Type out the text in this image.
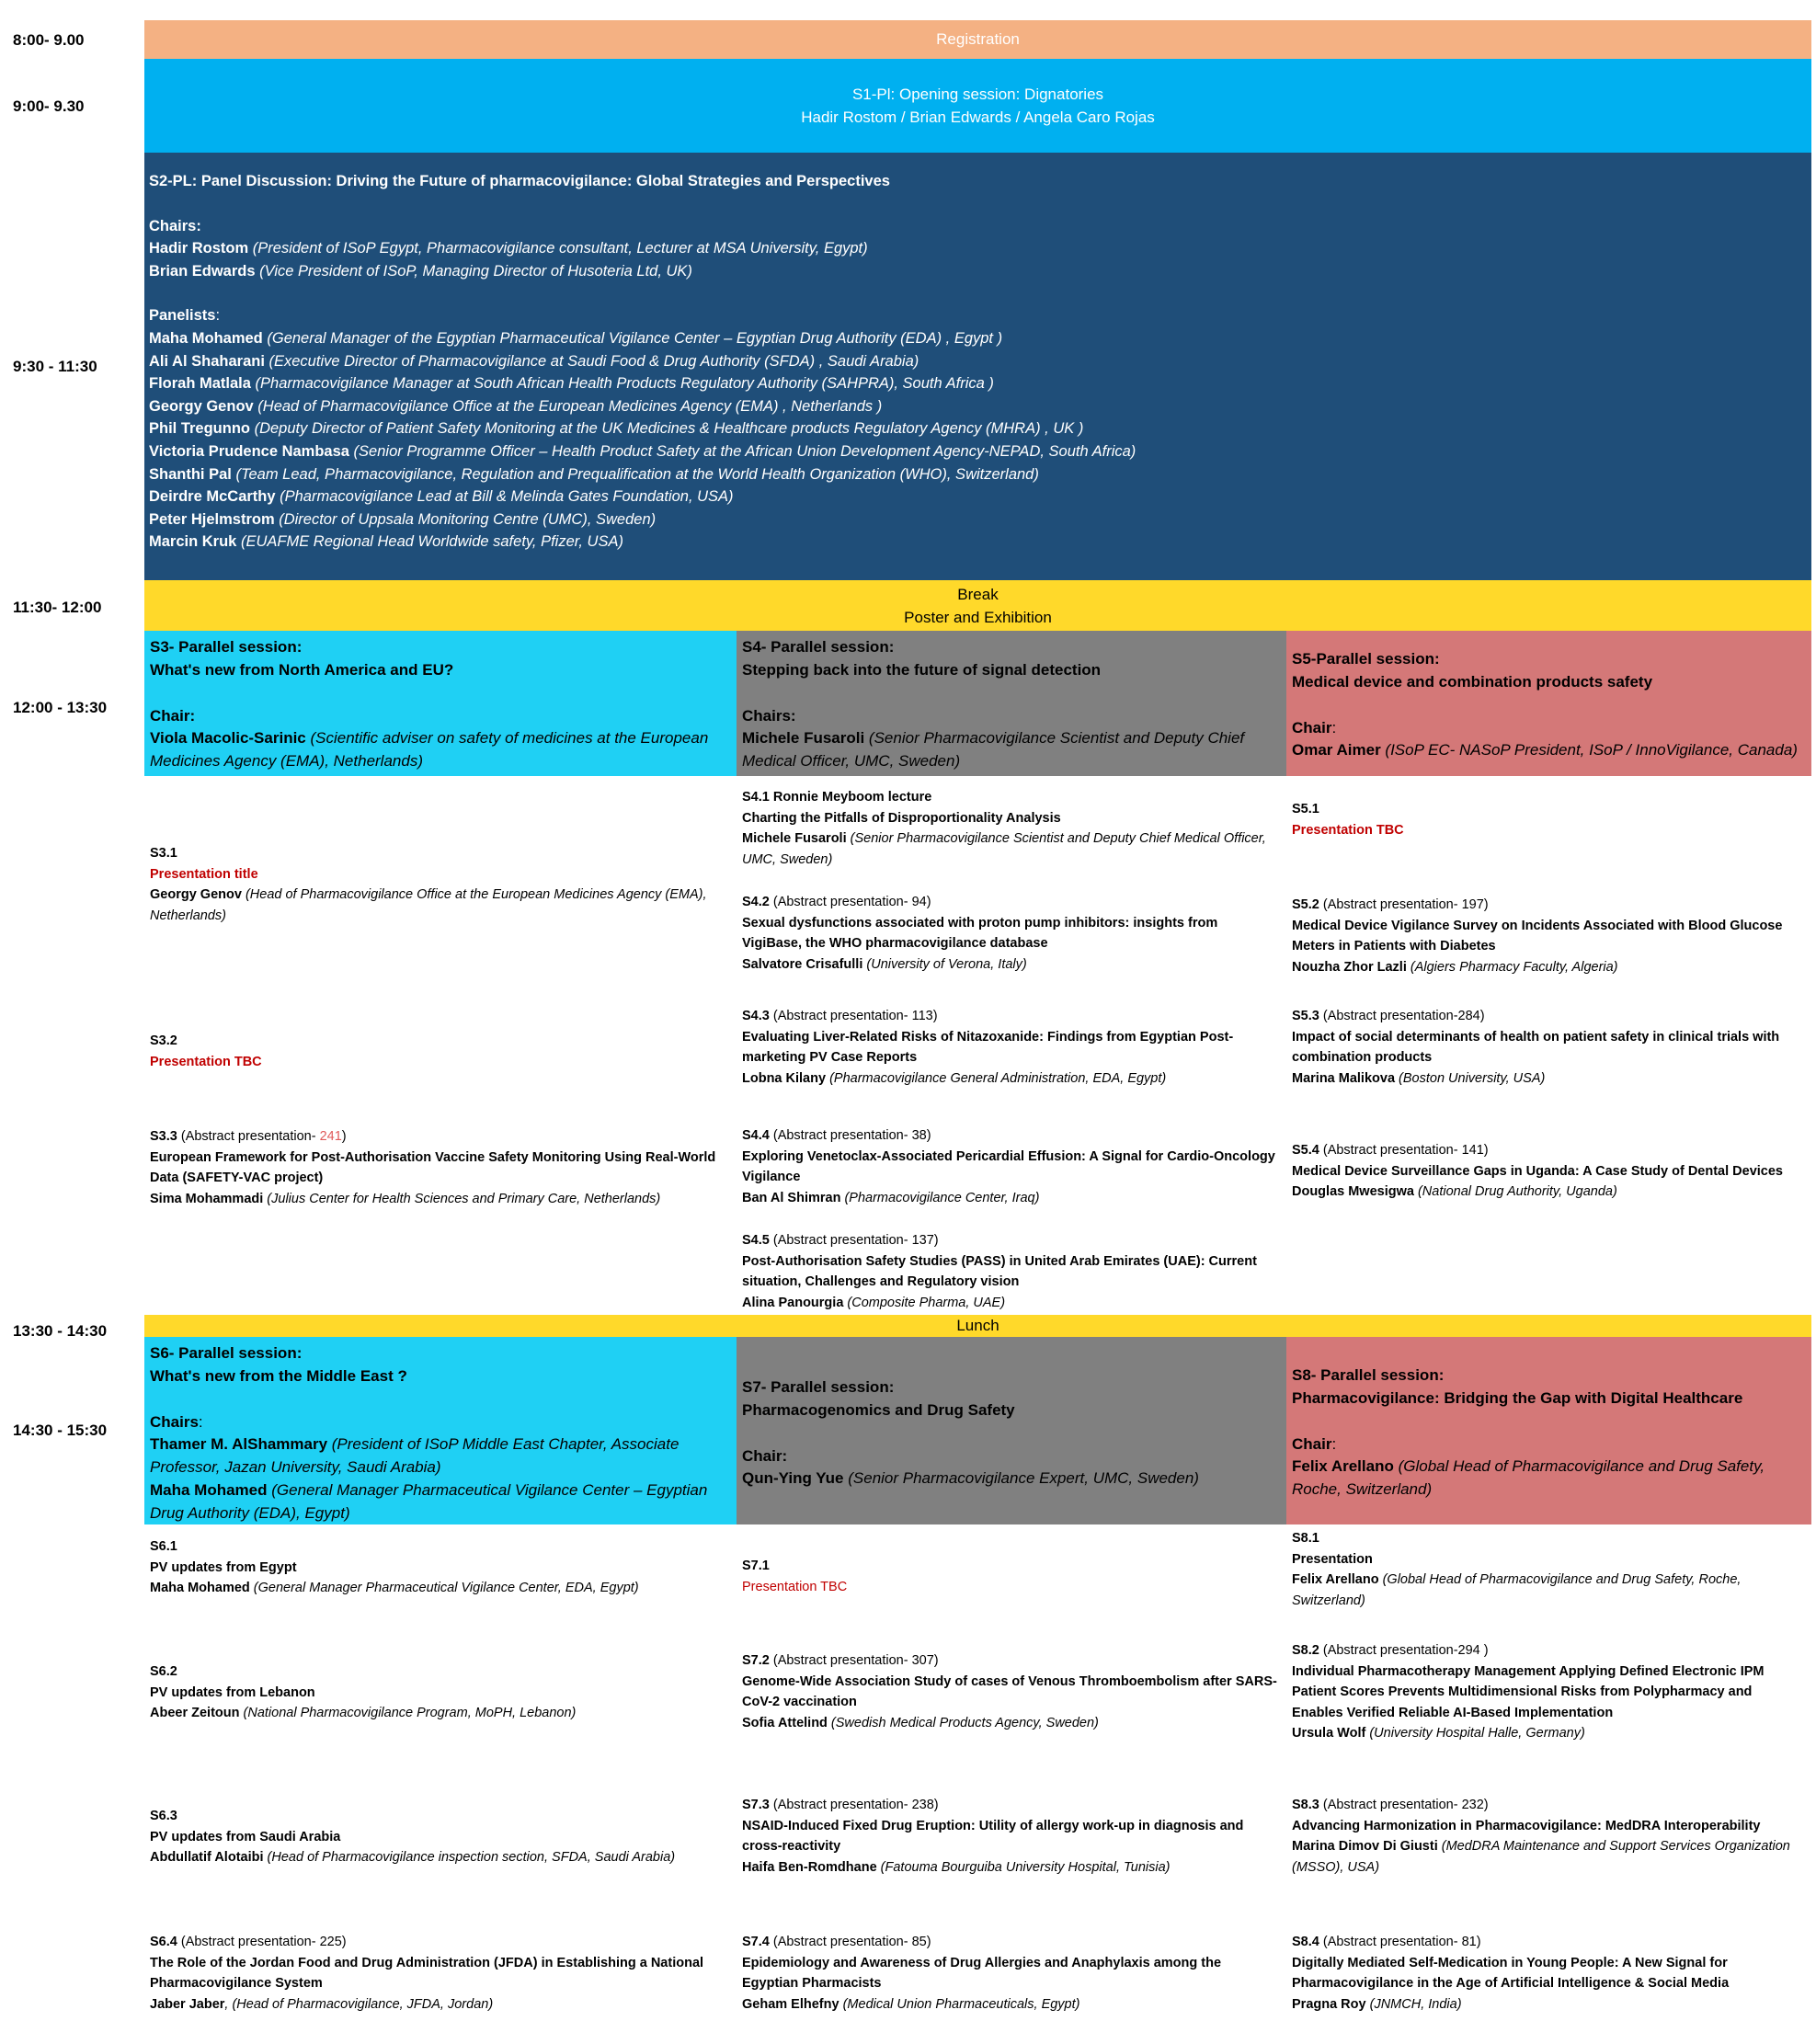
8:00- 9.00
9:00- 9.30
9:30 - 11:30
11:30- 12:00
12:00 - 13:30
13:30 - 14:30
14:30 - 15:30
Registration
S1-Pl: Opening session: Dignatories
Hadir Rostom / Brian Edwards / Angela Caro Rojas
S2-PL: Panel Discussion: Driving the Future of pharmacovigilance: Global Strategies and Perspectives
Chairs:
Hadir Rostom (President of ISoP Egypt, Pharmacovigilance consultant, Lecturer at MSA University, Egypt)
Brian Edwards (Vice President of ISoP, Managing Director of Husoteria Ltd, UK)
Panelists:
Maha Mohamed (General Manager of the Egyptian Pharmaceutical Vigilance Center – Egyptian Drug Authority (EDA) , Egypt )
Ali Al Shaharani (Executive Director of Pharmacovigilance at Saudi Food & Drug Authority (SFDA) , Saudi Arabia)
Florah Matlala (Pharmacovigilance Manager at South African Health Products Regulatory Authority (SAHPRA), South Africa )
Georgy Genov (Head of Pharmacovigilance Office at the European Medicines Agency (EMA) , Netherlands )
Phil Tregunno (Deputy Director of Patient Safety Monitoring at the UK Medicines & Healthcare products Regulatory Agency (MHRA) , UK )
Victoria Prudence Nambasa (Senior Programme Officer – Health Product Safety at the African Union Development Agency-NEPAD, South Africa)
Shanthi Pal (Team Lead, Pharmacovigilance, Regulation and Prequalification at the World Health Organization (WHO), Switzerland)
Deirdre McCarthy (Pharmacovigilance Lead at Bill & Melinda Gates Foundation, USA)
Peter Hjelmstrom (Director of Uppsala Monitoring Centre (UMC), Sweden)
Marcin Kruk (EUAFME Regional Head Worldwide safety, Pfizer, USA)
Break
Poster and Exhibition
S3- Parallel session:
What's new from North America and EU?
Chair:
Viola Macolic-Sarinic (Scientific adviser on safety of medicines at the European Medicines Agency (EMA), Netherlands)
S4- Parallel session:
Stepping back into the future of signal detection
Chairs:
Michele Fusaroli (Senior Pharmacovigilance Scientist and Deputy Chief Medical Officer, UMC, Sweden)
S5-Parallel session:
Medical device and combination products safety
Chair:
Omar Aimer (ISoP EC- NASoP President, ISoP / InnoVigilance, Canada)
S3.1
Presentation title
Georgy Genov (Head of Pharmacovigilance Office at the European Medicines Agency (EMA), Netherlands)
S3.2
Presentation TBC
S3.3 (Abstract presentation- 241)
European Framework for Post-Authorisation Vaccine Safety Monitoring Using Real-World Data (SAFETY-VAC project)
Sima Mohammadi (Julius Center for Health Sciences and Primary Care, Netherlands)
S4.1 Ronnie Meyboom lecture
Charting the Pitfalls of Disproportionality Analysis
Michele Fusaroli (Senior Pharmacovigilance Scientist and Deputy Chief Medical Officer, UMC, Sweden)
S4.2 (Abstract presentation- 94)
Sexual dysfunctions associated with proton pump inhibitors: insights from VigiBase, the WHO pharmacovigilance database
Salvatore Crisafulli (University of Verona, Italy)
S4.3 (Abstract presentation- 113)
Evaluating Liver-Related Risks of Nitazoxanide: Findings from Egyptian Post-marketing PV Case Reports
Lobna Kilany (Pharmacovigilance General Administration, EDA, Egypt)
S4.4 (Abstract presentation- 38)
Exploring Venetoclax-Associated Pericardial Effusion: A Signal for Cardio-Oncology Vigilance
Ban Al Shimran (Pharmacovigilance Center, Iraq)
S4.5 (Abstract presentation- 137)
Post-Authorisation Safety Studies (PASS) in United Arab Emirates (UAE): Current situation, Challenges and Regulatory vision
Alina Panourgia (Composite Pharma, UAE)
S5.1
Presentation TBC
S5.2 (Abstract presentation- 197)
Medical Device Vigilance Survey on Incidents Associated with Blood Glucose Meters in Patients with Diabetes
Nouzha Zhor Lazli (Algiers Pharmacy Faculty, Algeria)
S5.3 (Abstract presentation-284)
Impact of social determinants of health on patient safety in clinical trials with combination products
Marina Malikova (Boston University, USA)
S5.4 (Abstract presentation- 141)
Medical Device Surveillance Gaps in Uganda: A Case Study of Dental Devices
Douglas Mwesigwa (National Drug Authority, Uganda)
Lunch
S6- Parallel session:
What's new from the Middle East ?
Chairs:
Thamer M. AlShammary (President of ISoP Middle East Chapter, Associate Professor, Jazan University, Saudi Arabia)
Maha Mohamed (General Manager Pharmaceutical Vigilance Center – Egyptian Drug Authority (EDA), Egypt)
S7- Parallel session:
Pharmacogenomics and Drug Safety
Chair:
Qun-Ying Yue (Senior Pharmacovigilance Expert, UMC, Sweden)
S8- Parallel session:
Pharmacovigilance: Bridging the Gap with Digital Healthcare
Chair:
Felix Arellano (Global Head of Pharmacovigilance and Drug Safety, Roche, Switzerland)
S6.1
PV updates from Egypt
Maha Mohamed (General Manager Pharmaceutical Vigilance Center, EDA, Egypt)
S6.2
PV updates from Lebanon
Abeer Zeitoun (National Pharmacovigilance Program, MoPH, Lebanon)
S6.3
PV updates from Saudi Arabia
Abdullatif Alotaibi (Head of Pharmacovigilance inspection section, SFDA, Saudi Arabia)
S6.4 (Abstract presentation- 225)
The Role of the Jordan Food and Drug Administration (JFDA) in Establishing a National Pharmacovigilance System
Jaber Jaber, (Head of Pharmacovigilance, JFDA, Jordan)
S7.1
Presentation TBC
S7.2 (Abstract presentation- 307)
Genome-Wide Association Study of cases of Venous Thromboembolism after SARS-CoV-2 vaccination
Sofia Attelind (Swedish Medical Products Agency, Sweden)
S7.3 (Abstract presentation- 238)
NSAID-Induced Fixed Drug Eruption: Utility of allergy work-up in diagnosis and cross-reactivity
Haifa Ben-Romdhane (Fatouma Bourguiba University Hospital, Tunisia)
S7.4 (Abstract presentation- 85)
Epidemiology and Awareness of Drug Allergies and Anaphylaxis among the Egyptian Pharmacists
Geham Elhefny (Medical Union Pharmaceuticals, Egypt)
S8.1
Presentation
Felix Arellano (Global Head of Pharmacovigilance and Drug Safety, Roche, Switzerland)
S8.2 (Abstract presentation-294 )
Individual Pharmacotherapy Management Applying Defined Electronic IPM Patient Scores Prevents Multidimensional Risks from Polypharmacy and Enables Verified Reliable AI-Based Implementation
Ursula Wolf (University Hospital Halle, Germany)
S8.3 (Abstract presentation- 232)
Advancing Harmonization in Pharmacovigilance: MedDRA Interoperability
Marina Dimov Di Giusti (MedDRA Maintenance and Support Services Organization (MSSO), USA)
S8.4 (Abstract presentation- 81)
Digitally Mediated Self-Medication in Young People: A New Signal for Pharmacovigilance in the Age of Artificial Intelligence & Social Media
Pragna Roy (JNMCH, India)
